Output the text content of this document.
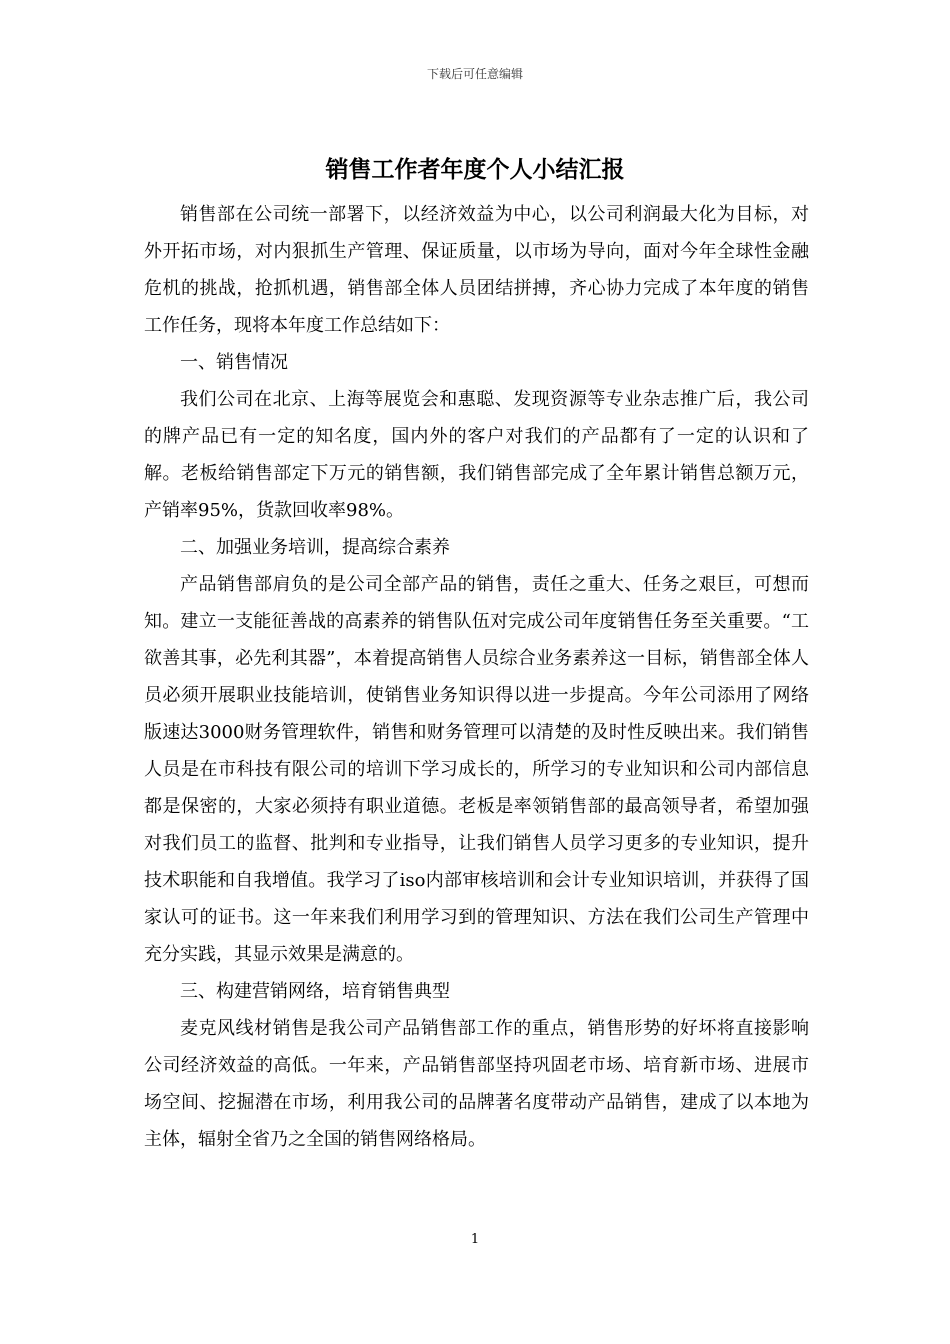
下载后可任意编辑
销售工作者年度个人小结汇报

销售部在公司统一部署下，以经济效益为中心，以公司利润最大化为目标，对外开拓市场，对内狠抓生产管理、保证质量，以市场为导向，面对今年全球性金融危机的挑战，抢抓机遇，销售部全体人员团结拼搏，齐心协力完成了本年度的销售工作任务，现将本年度工作总结如下：

一、销售情况

我们公司在北京、上海等展览会和惠聪、发现资源等专业杂志推广后，我公司的牌产品已有一定的知名度，国内外的客户对我们的产品都有了一定的认识和了解。老板给销售部定下万元的销售额，我们销售部完成了全年累计销售总额万元，产销率95%，货款回收率98%。

二、加强业务培训，提高综合素养

产品销售部肩负的是公司全部产品的销售，责任之重大、任务之艰巨，可想而知。建立一支能征善战的高素养的销售队伍对完成公司年度销售任务至关重要。“工欲善其事，必先利其器”，本着提高销售人员综合业务素养这一目标，销售部全体人员必须开展职业技能培训，使销售业务知识得以进一步提高。今年公司添用了网络版速达3000财务管理软件，销售和财务管理可以清楚的及时性反映出来。我们销售人员是在市科技有限公司的培训下学习成长的，所学习的专业知识和公司内部信息都是保密的，大家必须持有职业道德。老板是率领销售部的最高领导者，希望加强对我们员工的监督、批判和专业指导，让我们销售人员学习更多的专业知识，提升技术职能和自我增值。我学习了iso内部审核培训和会计专业知识培训，并获得了国家认可的证书。这一年来我们利用学习到的管理知识、方法在我们公司生产管理中充分实践，其显示效果是满意的。

三、构建营销网络，培育销售典型

麦克风线材销售是我公司产品销售部工作的重点，销售形势的好坏将直接影响公司经济效益的高低。一年来，产品销售部坚持巩固老市场、培育新市场、进展市场空间、挖掘潜在市场，利用我公司的品牌著名度带动产品销售，建成了以本地为主体，辐射全省乃之全国的销售网络格局。

1
